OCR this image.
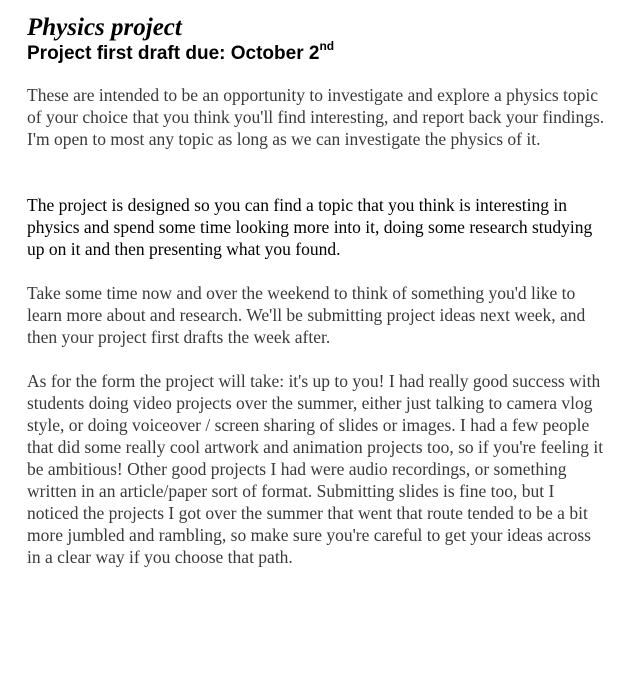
Physics project

Project first draft due: October 2nd

These are intended to be an opportunity to investigate and explore a physics topic of your choice that you think you'll find interesting, and report back your findings.

I'm open to most any topic as long as we can investigate the physics of it.

The project is designed so you can find a topic that you think is interesting in physics and spend some time looking more into it, doing some research studying up on it and then presenting what you found.

Take some time now and over the weekend to think of something you'd like to learn more about and research. We'll be submitting project ideas next week, and then your project first drafts the week after.

As for the form the project will take: it's up to you! I had really good success with students doing video projects over the summer, either just talking to camera vlog style, or doing voiceover / screen sharing of slides or images. I had a few people that did some really cool artwork and animation projects too, so if you're feeling it be ambitious! Other good projects I had were audio recordings, or something written in an article/paper sort of format. Submitting slides is fine too, but I noticed the projects I got over the summer that went that route tended to be a bit more jumbled and rambling, so make sure you're careful to get your ideas across in a clear way if you choose that path.
